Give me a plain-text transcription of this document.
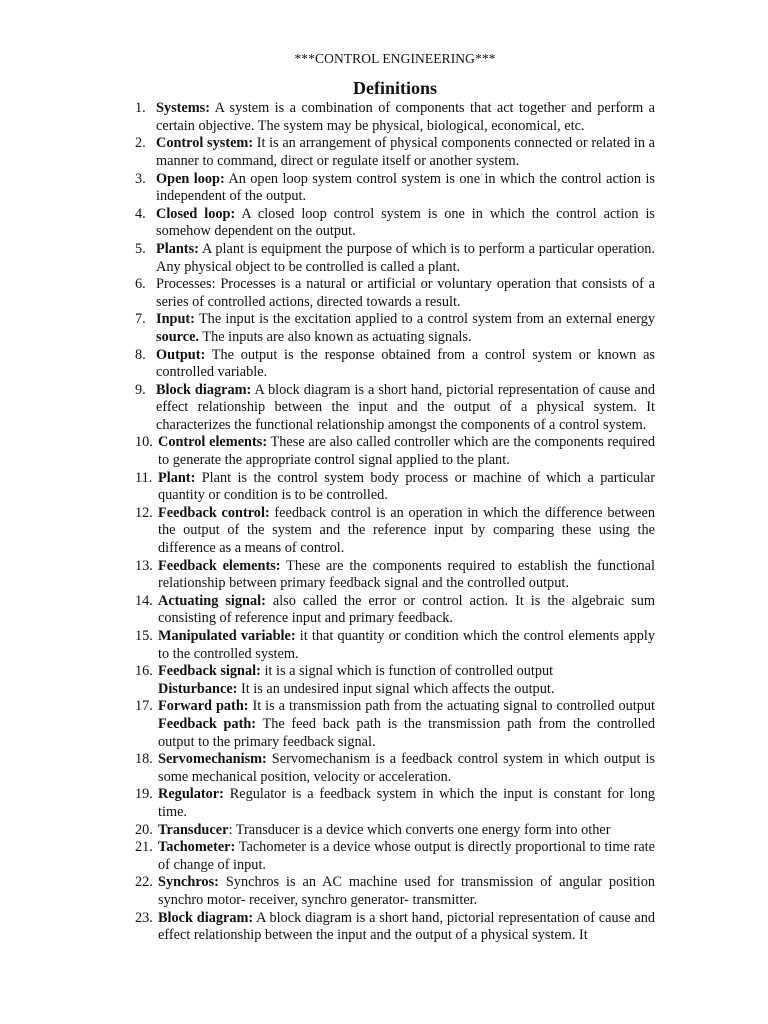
***CONTROL ENGINEERING***
Definitions
1. Systems: A system is a combination of components that act together and perform a certain objective. The system may be physical, biological, economical, etc.
2. Control system: It is an arrangement of physical components connected or related in a manner to command, direct or regulate itself or another system.
3. Open loop: An open loop system control system is one in which the control action is independent of the output.
4. Closed loop: A closed loop control system is one in which the control action is somehow dependent on the output.
5. Plants: A plant is equipment the purpose of which is to perform a particular operation. Any physical object to be controlled is called a plant.
6. Processes: Processes is a natural or artificial or voluntary operation that consists of a series of controlled actions, directed towards a result.
7. Input: The input is the excitation applied to a control system from an external energy source. The inputs are also known as actuating signals.
8. Output: The output is the response obtained from a control system or known as controlled variable.
9. Block diagram: A block diagram is a short hand, pictorial representation of cause and effect relationship between the input and the output of a physical system. It characterizes the functional relationship amongst the components of a control system.
10. Control elements: These are also called controller which are the components required to generate the appropriate control signal applied to the plant.
11. Plant: Plant is the control system body process or machine of which a particular quantity or condition is to be controlled.
12. Feedback control: feedback control is an operation in which the difference between the output of the system and the reference input by comparing these using the difference as a means of control.
13. Feedback elements: These are the components required to establish the functional relationship between primary feedback signal and the controlled output.
14. Actuating signal: also called the error or control action. It is the algebraic sum consisting of reference input and primary feedback.
15. Manipulated variable: it that quantity or condition which the control elements apply to the controlled system.
16. Feedback signal: it is a signal which is function of controlled output
Disturbance: It is an undesired input signal which affects the output.
17. Forward path: It is a transmission path from the actuating signal to controlled output Feedback path: The feed back path is the transmission path from the controlled output to the primary feedback signal.
18. Servomechanism: Servomechanism is a feedback control system in which output is some mechanical position, velocity or acceleration.
19. Regulator: Regulator is a feedback system in which the input is constant for long time.
20. Transducer: Transducer is a device which converts one energy form into other
21. Tachometer: Tachometer is a device whose output is directly proportional to time rate of change of input.
22. Synchros: Synchros is an AC machine used for transmission of angular position synchro motor- receiver, synchro generator- transmitter.
23. Block diagram: A block diagram is a short hand, pictorial representation of cause and effect relationship between the input and the output of a physical system. It
